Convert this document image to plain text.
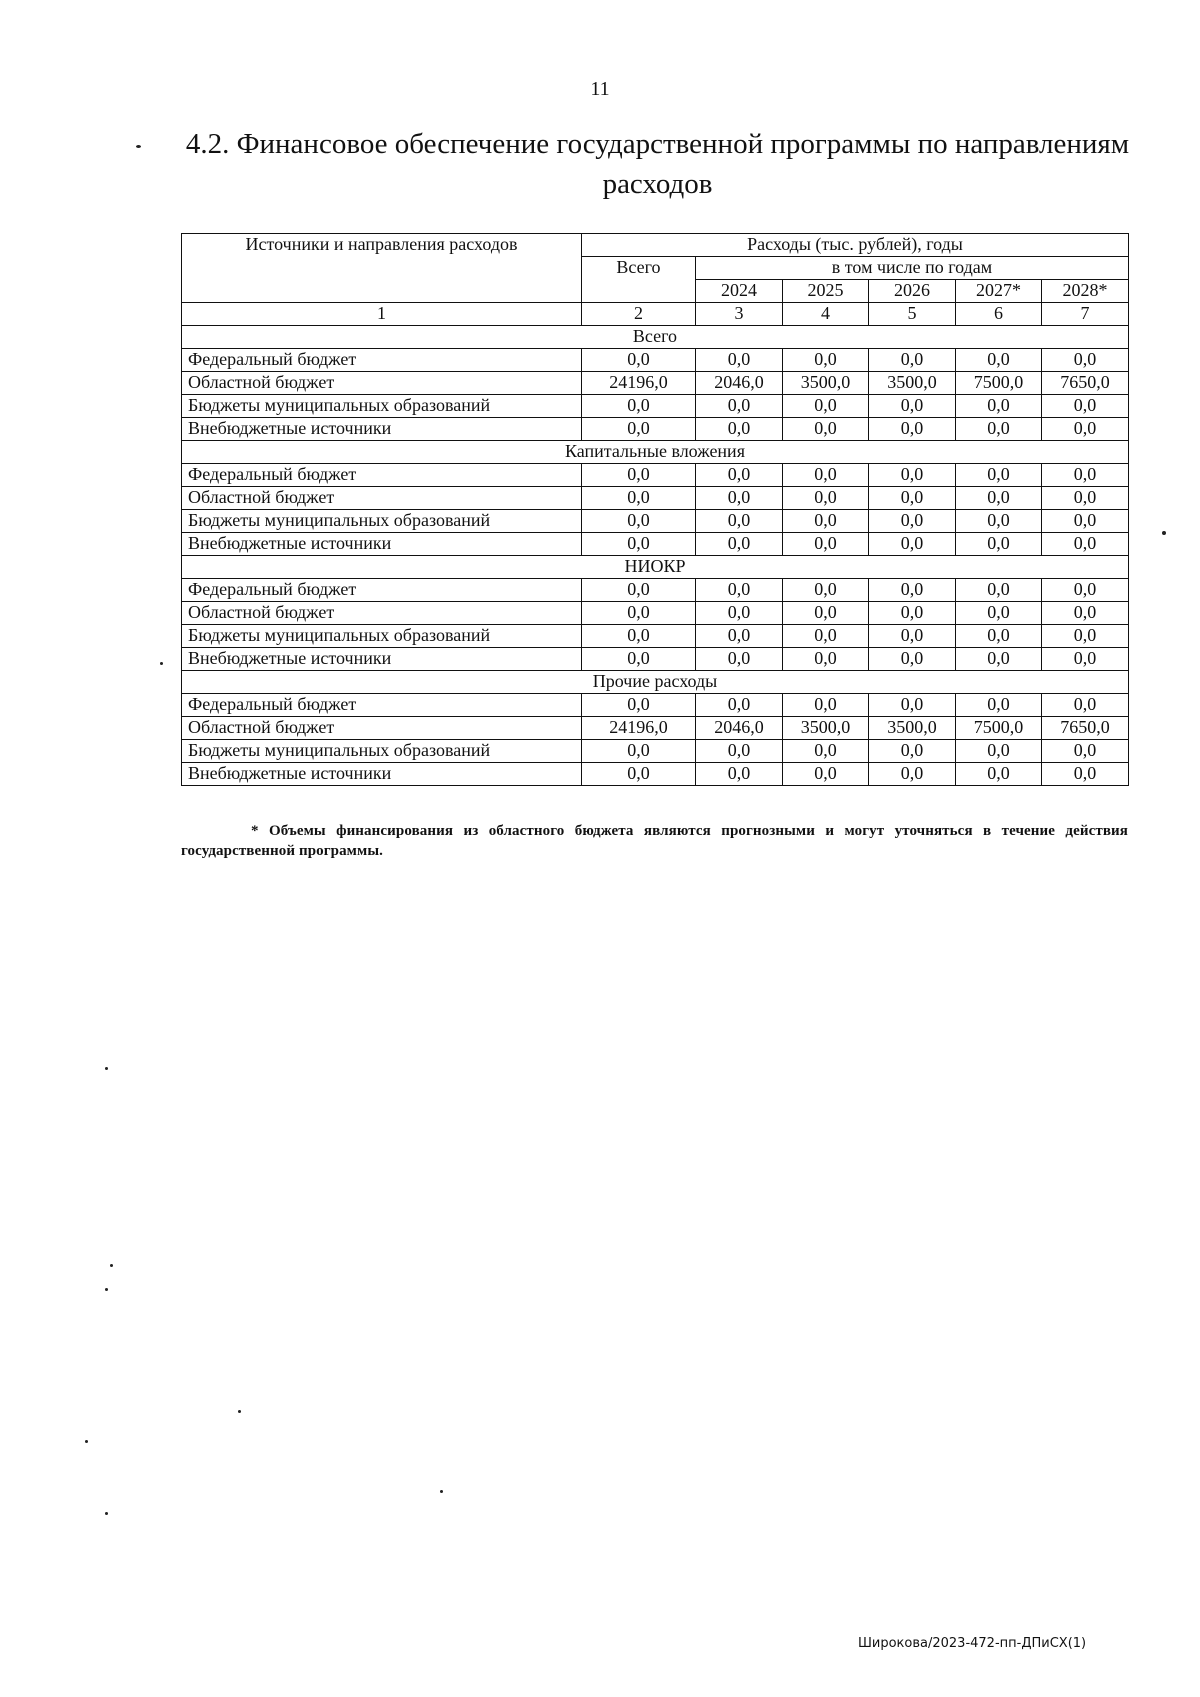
11
4.2. Финансовое обеспечение государственной программы по направлениям расходов
Источники и направления расходов	Расходы (тыс. рублей), годы					
	Всего	в том числе по годам				
		2024	2025	2026	2027*	2028*
1	2	3	4	5	6	7
Всего						
Федеральный бюджет	0,0	0,0	0,0	0,0	0,0	0,0
Областной бюджет	24196,0	2046,0	3500,0	3500,0	7500,0	7650,0
Бюджеты муниципальных образований	0,0	0,0	0,0	0,0	0,0	0,0
Внебюджетные источники	0,0	0,0	0,0	0,0	0,0	0,0
Капитальные вложения						
Федеральный бюджет	0,0	0,0	0,0	0,0	0,0	0,0
Областной бюджет	0,0	0,0	0,0	0,0	0,0	0,0
Бюджеты муниципальных образований	0,0	0,0	0,0	0,0	0,0	0,0
Внебюджетные источники	0,0	0,0	0,0	0,0	0,0	0,0
НИОКР						
Федеральный бюджет	0,0	0,0	0,0	0,0	0,0	0,0
Областной бюджет	0,0	0,0	0,0	0,0	0,0	0,0
Бюджеты муниципальных образований	0,0	0,0	0,0	0,0	0,0	0,0
Внебюджетные источники	0,0	0,0	0,0	0,0	0,0	0,0
Прочие расходы						
Федеральный бюджет	0,0	0,0	0,0	0,0	0,0	0,0
Областной бюджет	24196,0	2046,0	3500,0	3500,0	7500,0	7650,0
Бюджеты муниципальных образований	0,0	0,0	0,0	0,0	0,0	0,0
Внебюджетные источники	0,0	0,0	0,0	0,0	0,0	0,0
* Объемы финансирования из областного бюджета являются прогнозными и могут уточняться в течение действия государственной программы.
Широкова/2023-472-пп-ДПиСХ(1)
